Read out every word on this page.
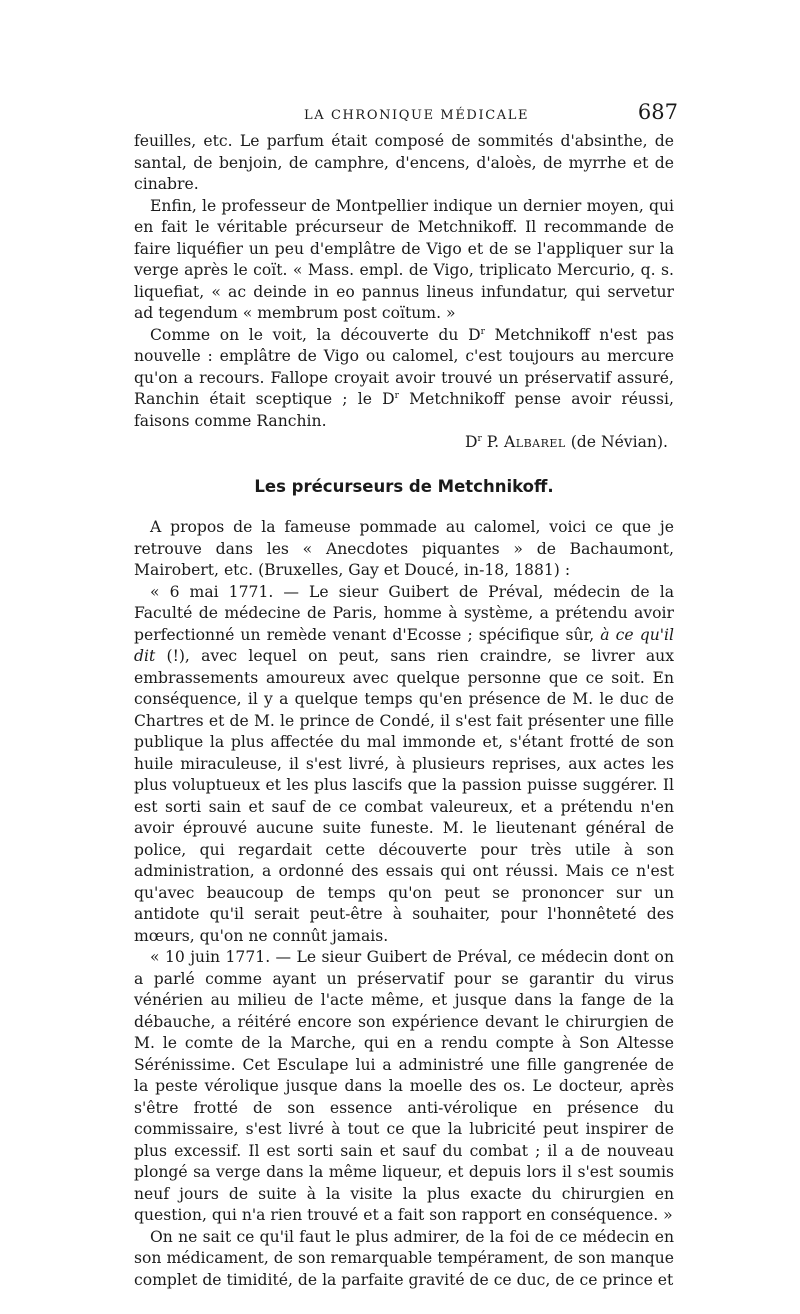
LA CHRONIQUE MÉDICALE	687

feuilles, etc. Le parfum était composé de sommités d'absinthe, de santal, de benjoin, de camphre, d'encens, d'aloès, de myrrhe et de cinabre.

Enfin, le professeur de Montpellier indique un dernier moyen, qui en fait le véritable précurseur de Metchnikoff. Il recommande de faire liquéfier un peu d'emplâtre de Vigo et de se l'appliquer sur la verge après le coït. « Mass. empl. de Vigo, triplicato Mercurio, q. s. liquefiat, « ac deinde in eo pannus lineus infundatur, qui servetur ad tegendum « membrum post coïtum. »

Comme on le voit, la découverte du $D^r$ Metchnikoff n'est pas nouvelle : emplâtre de Vigo ou calomel, c'est toujours au mercure qu'on a recours. Fallope croyait avoir trouvé un préservatif assuré, Ranchin était sceptique ; le $D^r$ Metchnikoff pense avoir réussi, faisons comme Ranchin.

$D^r$ P. Albarel (de Névian).

Les précurseurs de Metchnikoff.

A propos de la fameuse pommade au calomel, voici ce que je retrouve dans les « Anecdotes piquantes » de Bachaumont, Mairobert, etc. (Bruxelles, Gay et Doucé, in-18, 1881) :

« 6 mai 1771. — Le sieur Guibert de Préval, médecin de la Faculté de médecine de Paris, homme à système, a prétendu avoir perfectionné un remède venant d'Ecosse ; spécifique sûr, à ce qu'il dit (!), avec lequel on peut, sans rien craindre, se livrer aux embrassements amoureux avec quelque personne que ce soit. En conséquence, il y a quelque temps qu'en présence de M. le duc de Chartres et de M. le prince de Condé, il s'est fait présenter une fille publique la plus affectée du mal immonde et, s'étant frotté de son huile miraculeuse, il s'est livré, à plusieurs reprises, aux actes les plus voluptueux et les plus lascifs que la passion puisse suggérer. Il est sorti sain et sauf de ce combat valeureux, et a prétendu n'en avoir éprouvé aucune suite funeste. M. le lieutenant général de police, qui regardait cette découverte pour très utile à son administration, a ordonné des essais qui ont réussi. Mais ce n'est qu'avec beaucoup de temps qu'on peut se prononcer sur un antidote qu'il serait peut-être à souhaiter, pour l'honnêteté des mœurs, qu'on ne connût jamais.

« 10 juin 1771. — Le sieur Guibert de Préval, ce médecin dont on a parlé comme ayant un préservatif pour se garantir du virus vénérien au milieu de l'acte même, et jusque dans la fange de la débauche, a réitéré encore son expérience devant le chirurgien de M. le comte de la Marche, qui en a rendu compte à Son Altesse Sérénissime. Cet Esculape lui a administré une fille gangrenée de la peste vérolique jusque dans la moelle des os. Le docteur, après s'être frotté de son essence anti-vérolique en présence du commissaire, s'est livré à tout ce que la lubricité peut inspirer de plus excessif. Il est sorti sain et sauf du combat ; il a de nouveau plongé sa verge dans la même liqueur, et depuis lors il s'est soumis neuf jours de suite à la visite la plus exacte du chirurgien en question, qui n'a rien trouvé et a fait son rapport en conséquence. »

On ne sait ce qu'il faut le plus admirer, de la foi de ce médecin en son médicament, de son remarquable tempérament, de son manque complet de timidité, de la parfaite gravité de ce duc, de ce prince et
